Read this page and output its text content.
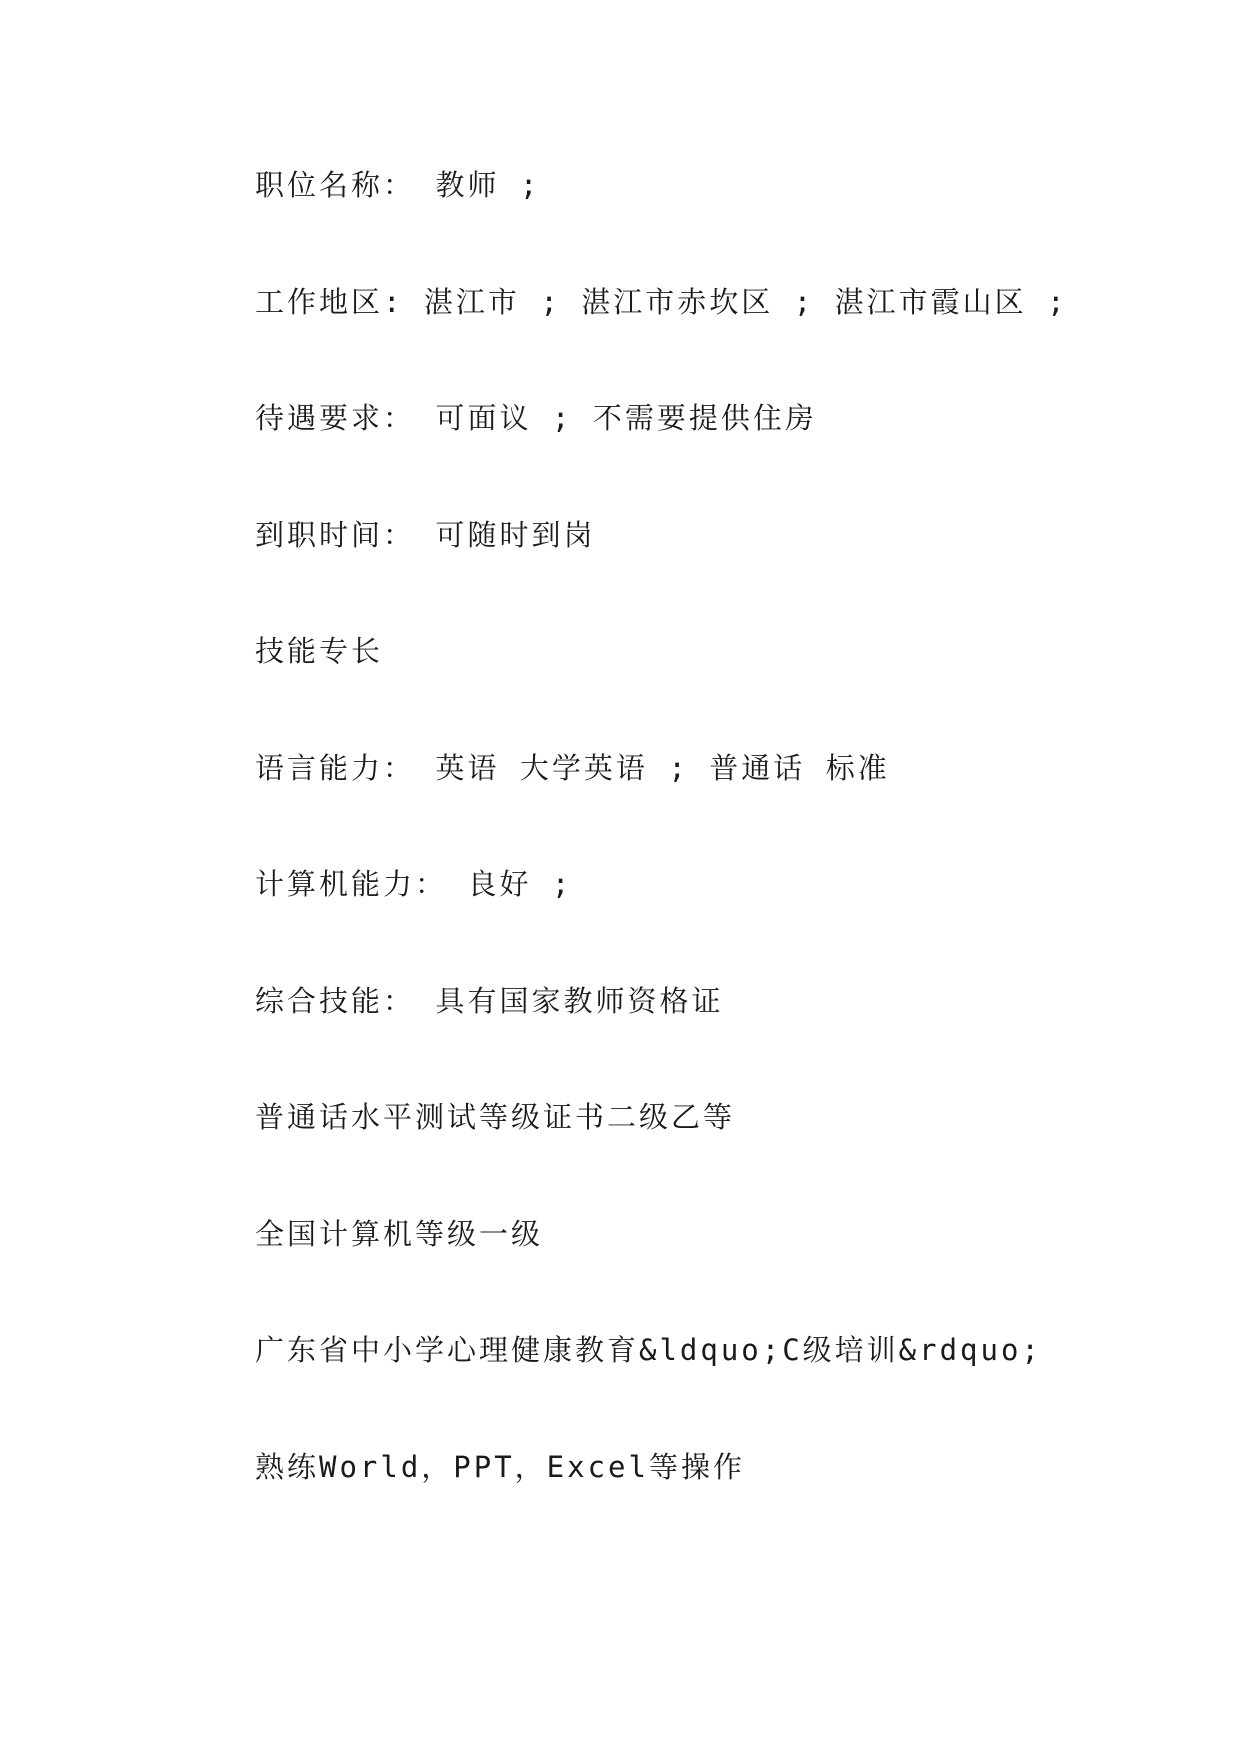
职位名称： 教师 ;

工作地区: 湛江市 ; 湛江市赤坎区 ; 湛江市霞山区 ;

待遇要求： 可面议 ; 不需要提供住房

到职时间： 可随时到岗

技能专长

语言能力： 英语 大学英语 ; 普通话 标准

计算机能力： 良好 ;

综合技能： 具有国家教师资格证

普通话水平测试等级证书二级乙等

全国计算机等级一级

广东省中小学心理健康教育&ldquo;C级培训&rdquo;

熟练World，PPT，Excel等操作
